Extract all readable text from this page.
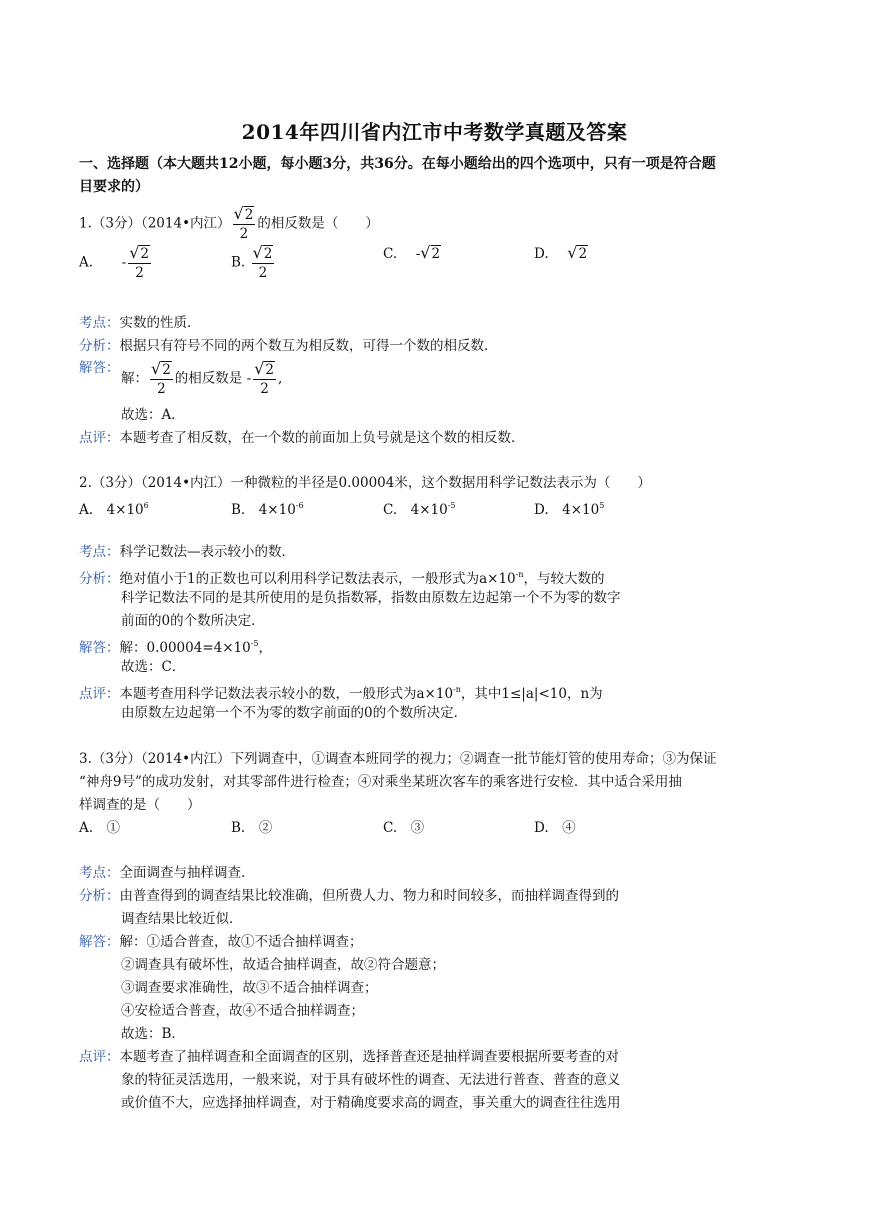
2014年四川省内江市中考数学真题及答案
一、选择题（本大题共12小题，每小题3分，共36分。在每小题给出的四个选项中，只有一项是符合题
目要求的）
1.（3分）（2014•内江） $\frac{√2}{2}$ 的相反数是（　　）
A. - $\frac{√2}{2}$	B. $\frac{√2}{2}$	C. -√2	D. √2
考点：实数的性质．
分析：根据只有符号不同的两个数互为相反数，可得一个数的相反数．
解答：
解： $\frac{√2}{2}$ 的相反数是 - $\frac{√2}{2}$ ,
故选：A．
点评：本题考查了相反数，在一个数的前面加上负号就是这个数的相反数．
2.（3分）（2014•内江）一种微粒的半径是0.00004米，这个数据用科学记数法表示为（　　）
A.　$4\times 10^6$	B.　$4\times 10^{-6}$	C.　$4\times 10^{-5}$	D.　$4\times 10^5$
考点：科学记数法—表示较小的数．
分析：绝对值小于1的正数也可以利用科学记数法表示，一般形式为$a\times 10^{-n}$，与较大数的
科学记数法不同的是其所使用的是负指数幂，指数由原数左边起第一个不为零的数字
前面的0的个数所决定．
解答：解：$0.00004=4\times 10^{-5}$，
故选：C．
点评：本题考查用科学记数法表示较小的数，一般形式为$a\times 10^{-n}$，其中1≤|a|<10，n为
由原数左边起第一个不为零的数字前面的0的个数所决定．
3.（3分）（2014•内江）下列调查中，①调查本班同学的视力；②调查一批节能灯管的使用寿命；③为保证
“神舟9号”的成功发射，对其零部件进行检查；④对乘坐某班次客车的乘客进行安检．其中适合采用抽
样调查的是（　　）
A.　①	B.　②	C.　③	D.　④
考点：全面调查与抽样调查．
分析：由普查得到的调查结果比较准确，但所费人力、物力和时间较多，而抽样调查得到的
调查结果比较近似．
解答：解：①适合普查，故①不适合抽样调查；
②调查具有破坏性，故适合抽样调查，故②符合题意；
③调查要求准确性，故③不适合抽样调查；
④安检适合普查，故④不适合抽样调查；
故选：B．
点评：本题考查了抽样调查和全面调查的区别，选择普查还是抽样调查要根据所要考查的对
象的特征灵活选用，一般来说，对于具有破坏性的调查、无法进行普查、普查的意义
或价值不大，应选择抽样调查，对于精确度要求高的调查，事关重大的调查往往选用
